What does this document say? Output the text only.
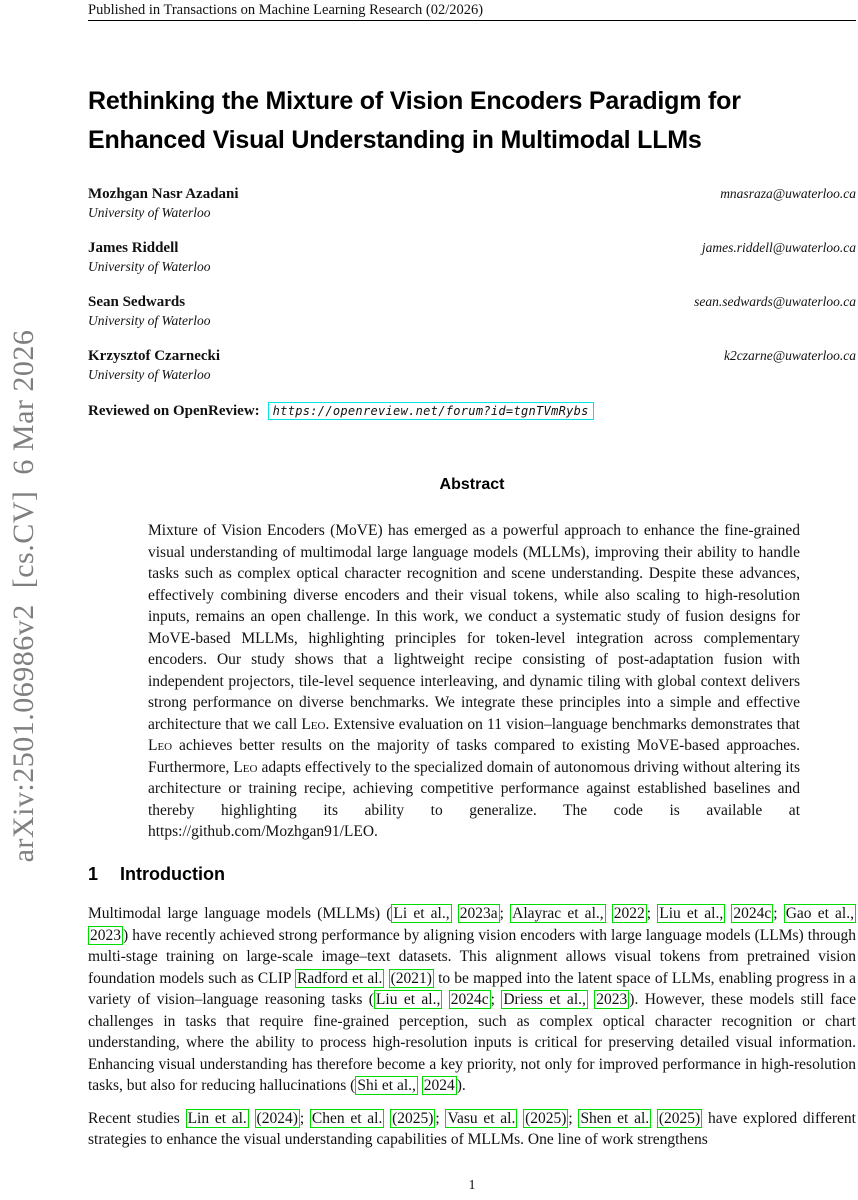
Published in Transactions on Machine Learning Research (02/2026)
arXiv:2501.06986v2  [cs.CV]  6 Mar 2026
Rethinking the Mixture of Vision Encoders Paradigm for
Enhanced Visual Understanding in Multimodal LLMs
Mozhgan Nasr Azadani	mnasraza@uwaterloo.ca
University of Waterloo
James Riddell	james.riddell@uwaterloo.ca
University of Waterloo
Sean Sedwards	sean.sedwards@uwaterloo.ca
University of Waterloo
Krzysztof Czarnecki	k2czarne@uwaterloo.ca
University of Waterloo
Reviewed on OpenReview:	https://openreview.net/forum?id=tgnTVmRybs
Abstract
Mixture of Vision Encoders (MoVE) has emerged as a powerful approach to enhance the fine-grained visual understanding of multimodal large language models (MLLMs), improving their ability to handle tasks such as complex optical character recognition and scene understanding. Despite these advances, effectively combining diverse encoders and their visual tokens, while also scaling to high-resolution inputs, remains an open challenge. In this work, we conduct a systematic study of fusion designs for MoVE-based MLLMs, highlighting principles for token-level integration across complementary encoders. Our study shows that a lightweight recipe consisting of post-adaptation fusion with independent projectors, tile-level sequence interleaving, and dynamic tiling with global context delivers strong performance on diverse benchmarks. We integrate these principles into a simple and effective architecture that we call Leo. Extensive evaluation on 11 vision–language benchmarks demonstrates that Leo achieves better results on the majority of tasks compared to existing MoVE-based approaches. Furthermore, Leo adapts effectively to the specialized domain of autonomous driving without altering its architecture or training recipe, achieving competitive performance against established baselines and thereby highlighting its ability to generalize. The code is available at https://github.com/Mozhgan91/LEO.
1 Introduction

Multimodal large language models (MLLMs) ( Li et al., 2023a ; Alayrac et al., 2022 ; Liu et al., 2024c ; Gao et al., 2023 ) have recently achieved strong performance by aligning vision encoders with large language models (LLMs) through multi-stage training on large-scale image–text datasets. This alignment allows visual tokens from pretrained vision foundation models such as CLIP Radford et al. (2021) to be mapped into the latent space of LLMs, enabling progress in a variety of vision–language reasoning tasks ( Liu et al., 2024c ; Driess et al., 2023 ). However, these models still face challenges in tasks that require fine-grained perception, such as complex optical character recognition or chart understanding, where the ability to process high-resolution inputs is critical for preserving detailed visual information. Enhancing visual understanding has therefore become a key priority, not only for improved performance in high-resolution tasks, but also for reducing hallucinations ( Shi et al., 2024 ).

Recent studies Lin et al. (2024) ; Chen et al. (2025) ; Vasu et al. (2025) ; Shen et al. (2025) have explored different strategies to enhance the visual understanding capabilities of MLLMs. One line of work strengthens

1
